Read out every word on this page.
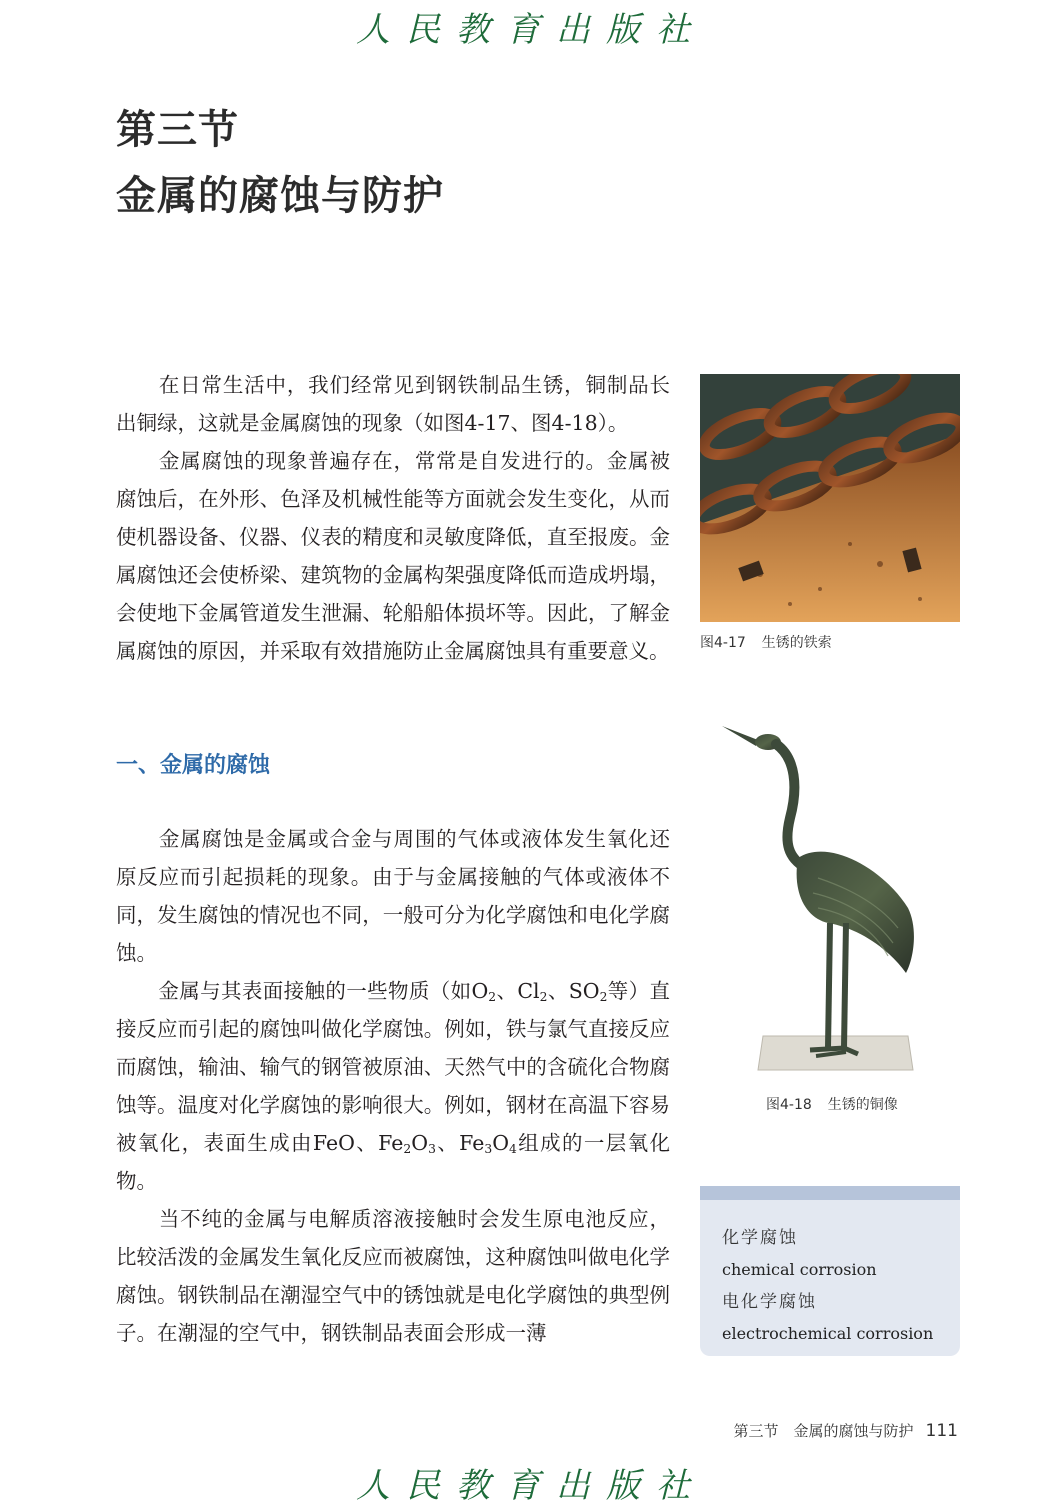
人民教育出版社
第三节
金属的腐蚀与防护

在日常生活中，我们经常见到钢铁制品生锈，铜制品长出铜绿，这就是金属腐蚀的现象（如图4-17、图4-18）。

金属腐蚀的现象普遍存在，常常是自发进行的。金属被腐蚀后，在外形、色泽及机械性能等方面就会发生变化，从而使机器设备、仪器、仪表的精度和灵敏度降低，直至报废。金属腐蚀还会使桥梁、建筑物的金属构架强度降低而造成坍塌，会使地下金属管道发生泄漏、轮船船体损坏等。因此，了解金属腐蚀的原因，并采取有效措施防止金属腐蚀具有重要意义。

一、金属的腐蚀

金属腐蚀是金属或合金与周围的气体或液体发生氧化还原反应而引起损耗的现象。由于与金属接触的气体或液体不同，发生腐蚀的情况也不同，一般可分为化学腐蚀和电化学腐蚀。

金属与其表面接触的一些物质（如$O_2$、$Cl_2$、$SO_2$等）直接反应而引起的腐蚀叫做化学腐蚀。例如，铁与氯气直接反应而腐蚀，输油、输气的钢管被原油、天然气中的含硫化合物腐蚀等。温度对化学腐蚀的影响很大。例如，钢材在高温下容易被氧化，表面生成由FeO、$Fe_2O_3$、$Fe_3O_4$组成的一层氧化物。

当不纯的金属与电解质溶液接触时会发生原电池反应，比较活泼的金属发生氧化反应而被腐蚀，这种腐蚀叫做电化学腐蚀。钢铁制品在潮湿空气中的锈蚀就是电化学腐蚀的典型例子。在潮湿的空气中，钢铁制品表面会形成一薄

图4-17 生锈的铁索
图4-18 生锈的铜像
化学腐蚀
chemical corrosion
电化学腐蚀
electrochemical corrosion
第三节　金属的腐蚀与防护 111
人民教育出版社
